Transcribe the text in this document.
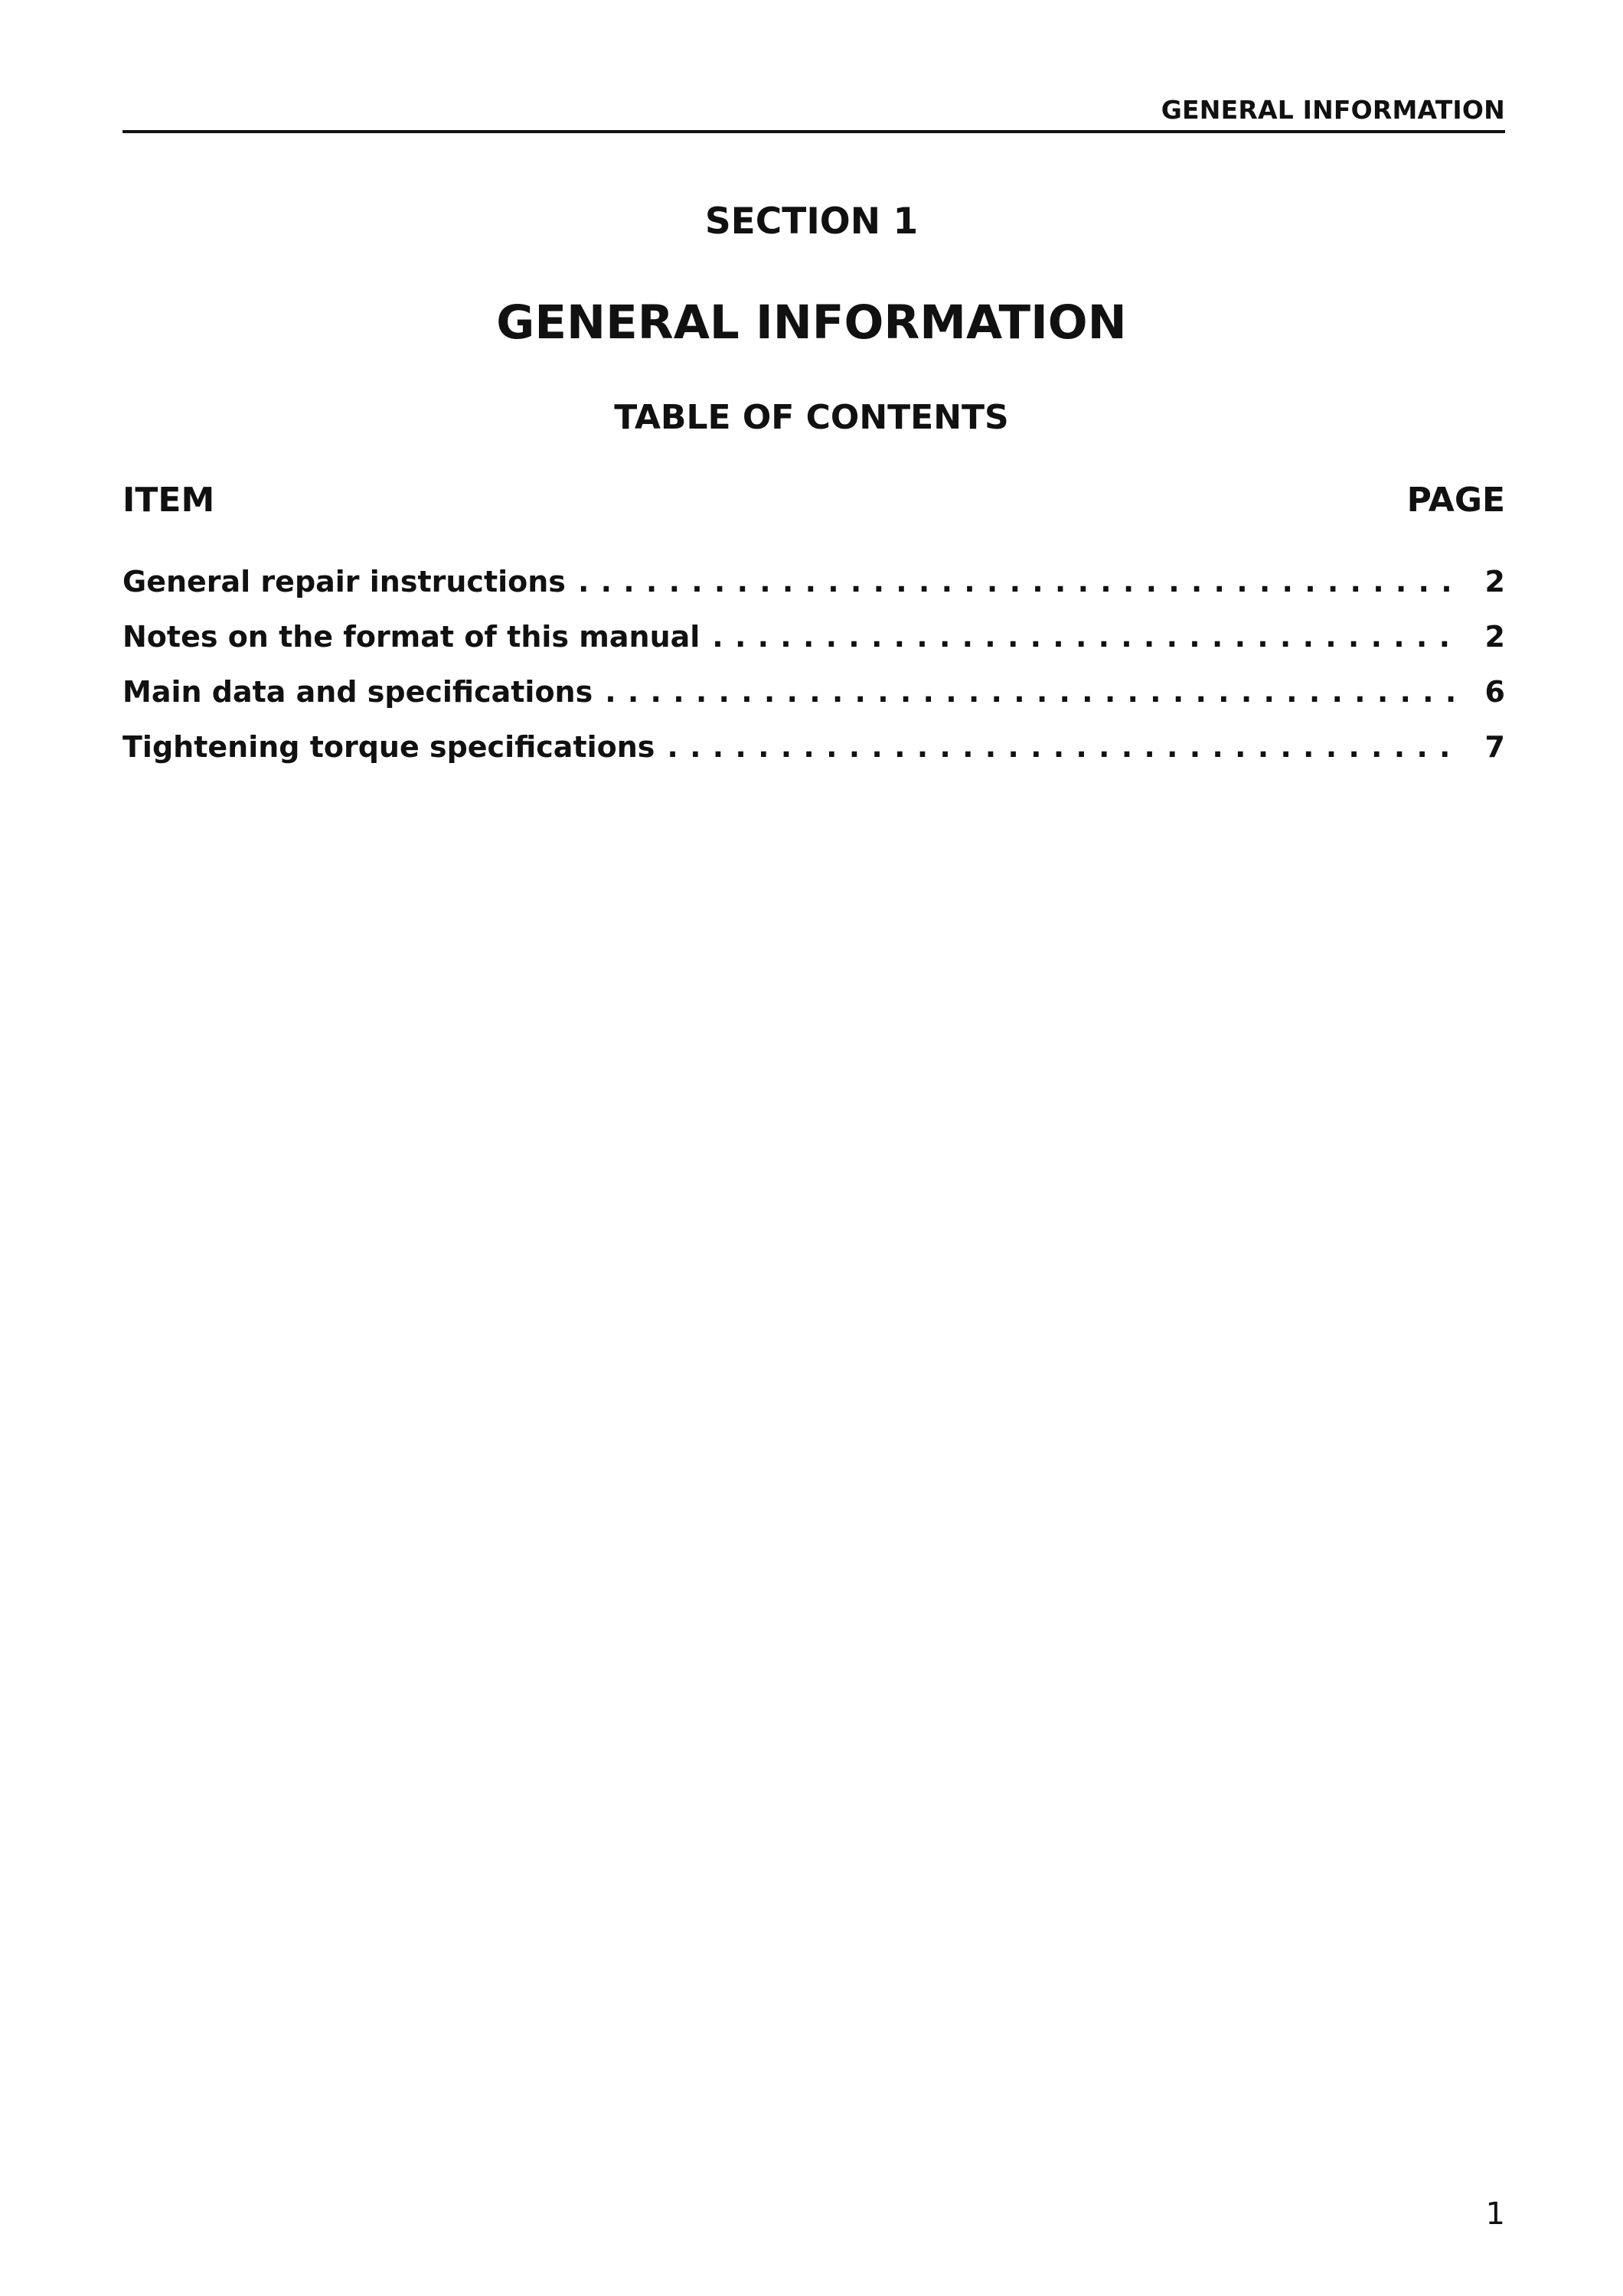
GENERAL INFORMATION
SECTION 1
GENERAL INFORMATION
TABLE OF CONTENTS
ITEM	PAGE
General repair instructions . . .	2
Notes on the format of this manual . . .	2
Main data and specifications . . .	6
Tightening torque specifications . . .	7
1
